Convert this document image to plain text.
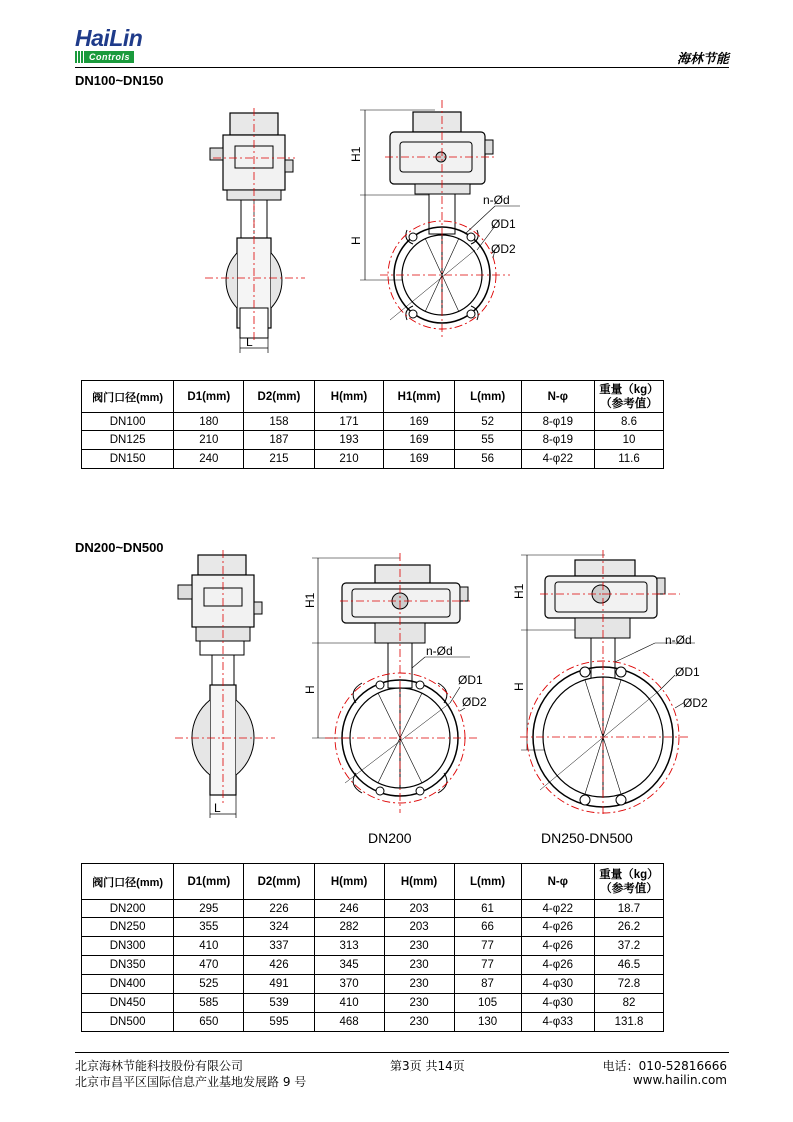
HaiLin
Controls	海林节能
DN100~DN150
L
H1
H
n-Ød
ØD1
ØD2
阀门口径(mm)	D1(mm)	D2(mm)	H(mm)	H1(mm)	L(mm)	N-φ	重量（kg）
（参考值）
DN100	180	158	171	169	52	8-φ19	8.6
DN125	210	187	193	169	55	8-φ19	10
DN150	240	215	210	169	56	4-φ22	11.6
DN200~DN500
L
H1
H
n-Ød
ØD1
ØD2
H1
H
n-Ød
ØD1
ØD2
DN200	DN250-DN500
阀门口径(mm)	D1(mm)	D2(mm)	H(mm)	H(mm)	L(mm)	N-φ	重量（kg）
（参考值）
DN200	295	226	246	203	61	4-φ22	18.7
DN250	355	324	282	203	66	4-φ26	26.2
DN300	410	337	313	230	77	4-φ26	37.2
DN350	470	426	345	230	77	4-φ26	46.5
DN400	525	491	370	230	87	4-φ30	72.8
DN450	585	539	410	230	105	4-φ30	82
DN500	650	595	468	230	130	4-φ33	131.8
北京海林节能科技股份有限公司
北京市昌平区国际信息产业基地发展路 9 号
第3页 共14页	电话：010-52816666
www.hailin.com
